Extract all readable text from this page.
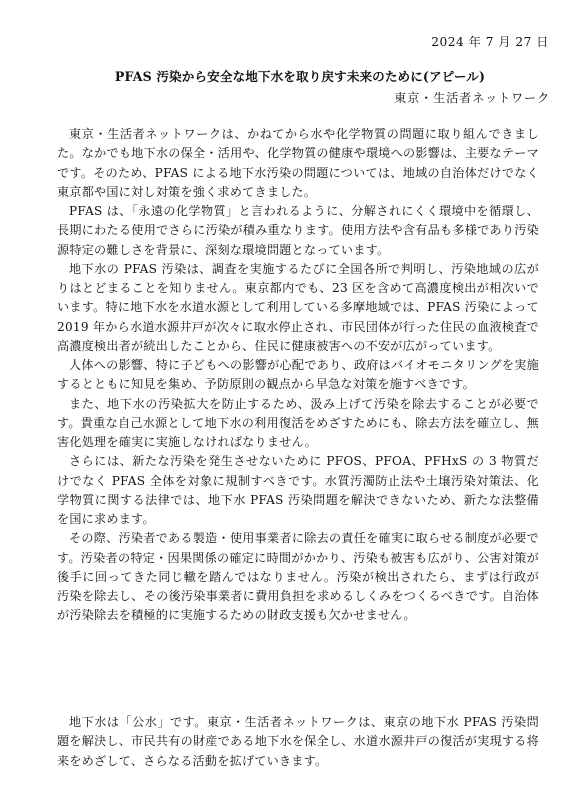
2024 年 7 月 27 日
PFAS 汚染から安全な地下水を取り戻す未来のために(アピール)
東京・生活者ネットワーク

東京・生活者ネットワークは、かねてから水や化学物質の問題に取り組んできました。なかでも地下水の保全・活用や、化学物質の健康や環境への影響は、主要なテーマです。そのため、PFAS による地下水汚染の問題については、地域の自治体だけでなく東京都や国に対し対策を強く求めてきました。

PFAS は、「永遠の化学物質」と言われるように、分解されにくく環境中を循環し、長期にわたる使用でさらに汚染が積み重なります。使用方法や含有品も多様であり汚染源特定の難しさを背景に、深刻な環境問題となっています。

地下水の PFAS 汚染は、調査を実施するたびに全国各所で判明し、汚染地域の広がりはとどまることを知りません。東京都内でも、23 区を含めて高濃度検出が相次いでいます。特に地下水を水道水源として利用している多摩地域では、PFAS 汚染によって 2019 年から水道水源井戸が次々に取水停止され、市民団体が行った住民の血液検査で高濃度検出者が続出したことから、住民に健康被害への不安が広がっています。

人体への影響、特に子どもへの影響が心配であり、政府はバイオモニタリングを実施するとともに知見を集め、予防原則の観点から早急な対策を施すべきです。

また、地下水の汚染拡大を防止するため、汲み上げて汚染を除去することが必要です。貴重な自己水源として地下水の利用復活をめざすためにも、除去方法を確立し、無害化処理を確実に実施しなければなりません。

さらには、新たな汚染を発生させないために PFOS、PFOA、PFHxS の 3 物質だけでなく PFAS 全体を対象に規制すべきです。水質汚濁防止法や土壌汚染対策法、化学物質に関する法律では、地下水 PFAS 汚染問題を解決できないため、新たな法整備を国に求めます。

その際、汚染者である製造・使用事業者に除去の責任を確実に取らせる制度が必要です。汚染者の特定・因果関係の確定に時間がかかり、汚染も被害も広がり、公害対策が後手に回ってきた同じ轍を踏んではなりません。汚染が検出されたら、まずは行政が汚染を除去し、その後汚染事業者に費用負担を求めるしくみをつくるべきです。自治体が汚染除去を積極的に実施するための財政支援も欠かせません。

地下水は「公水」です。東京・生活者ネットワークは、東京の地下水 PFAS 汚染問題を解決し、市民共有の財産である地下水を保全し、水道水源井戸の復活が実現する将来をめざして、さらなる活動を拡げていきます。
